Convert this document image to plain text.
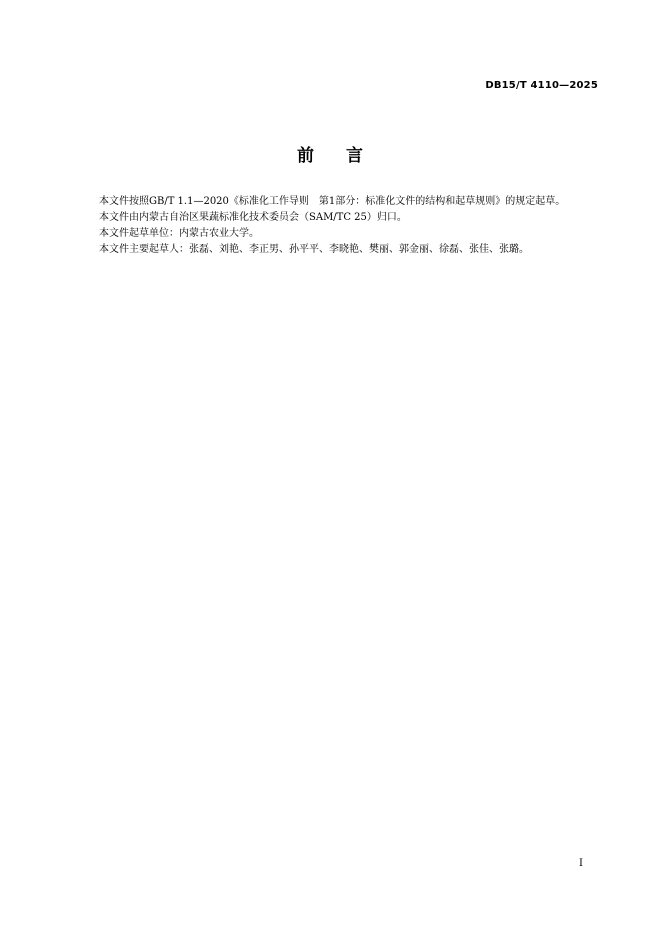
DB15/T 4110—2025
前 言

本文件按照GB/T 1.1—2020《标准化工作导则　第1部分：标准化文件的结构和起草规则》的规定起草。

本文件由内蒙古自治区果蔬标准化技术委员会（SAM/TC 25）归口。

本文件起草单位：内蒙古农业大学。

本文件主要起草人：张磊、刘艳、李正男、孙平平、李晓艳、樊丽、郭金丽、徐磊、张佳、张璐。

I
